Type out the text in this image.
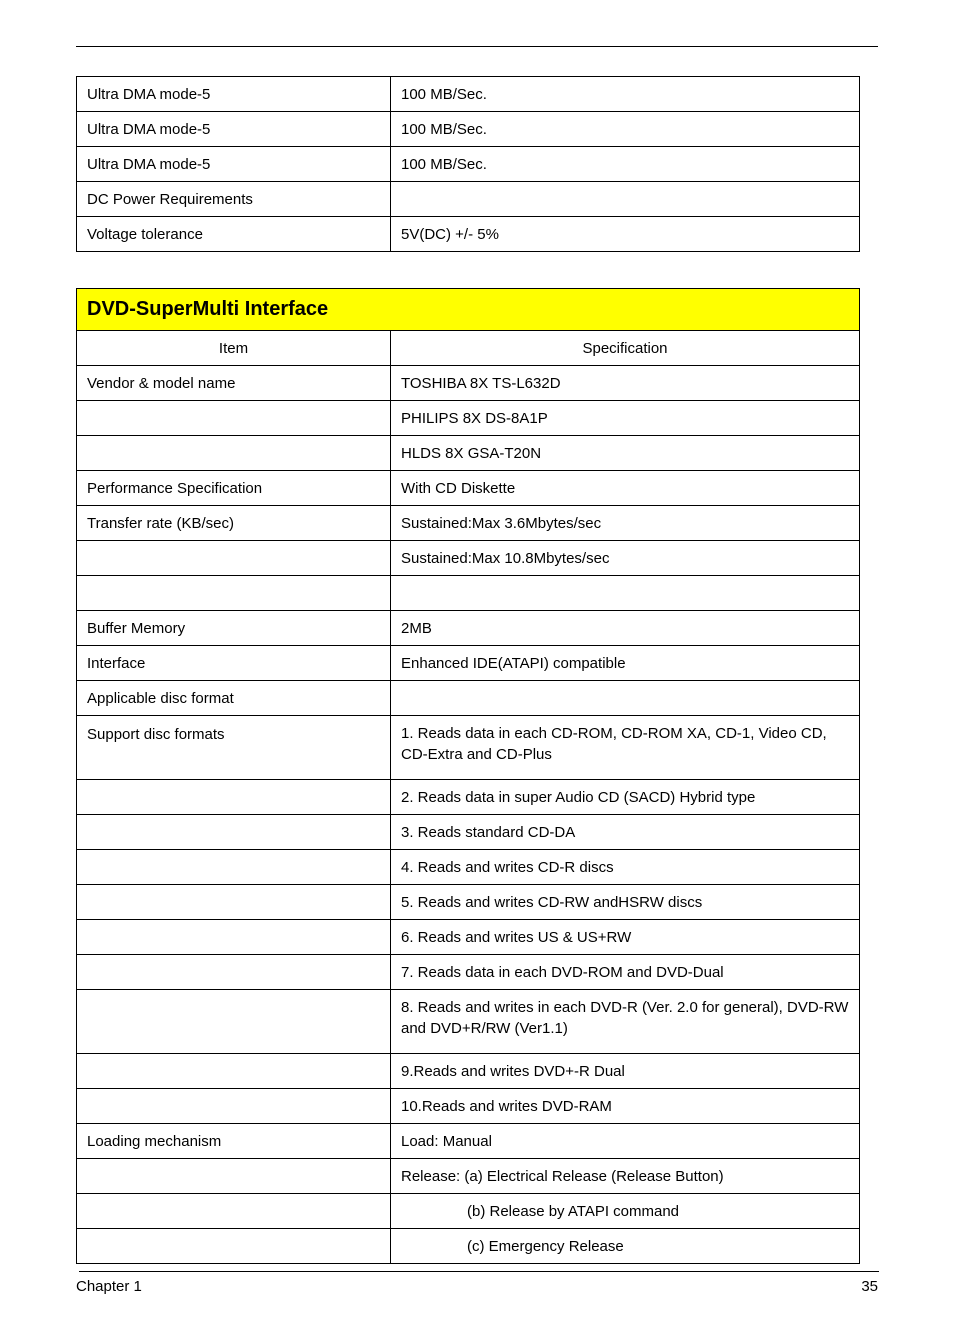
Ultra DMA mode-5	100 MB/Sec.
Ultra DMA mode-5	100 MB/Sec.
Ultra DMA mode-5	100 MB/Sec.
DC Power Requirements	
Voltage tolerance	5V(DC) +/- 5%
DVD-SuperMulti Interface	
Item	Specification
Vendor & model name	TOSHIBA 8X TS-L632D
	PHILIPS 8X DS-8A1P
	HLDS 8X GSA-T20N
Performance Specification	With CD Diskette
Transfer rate (KB/sec)	Sustained:Max 3.6Mbytes/sec
	Sustained:Max 10.8Mbytes/sec

Buffer Memory	2MB
Interface	Enhanced IDE(ATAPI) compatible
Applicable disc format	
Support disc formats	1. Reads data in each CD-ROM, CD-ROM XA, CD-1, Video CD, CD-Extra and CD-Plus
	2. Reads data in super Audio CD (SACD) Hybrid type
	3. Reads standard CD-DA
	4. Reads and writes CD-R discs
	5. Reads and writes CD-RW andHSRW discs
	6. Reads and writes US & US+RW
	7. Reads data in each DVD-ROM and DVD-Dual
	8. Reads and writes in each DVD-R (Ver. 2.0 for general), DVD-RW and DVD+R/RW (Ver1.1)
	9.Reads and writes DVD+-R Dual
	10.Reads and writes DVD-RAM
Loading mechanism	Load: Manual
	Release: (a) Electrical Release (Release Button)
	(b) Release by ATAPI command
	(c) Emergency Release
Chapter 1	35
